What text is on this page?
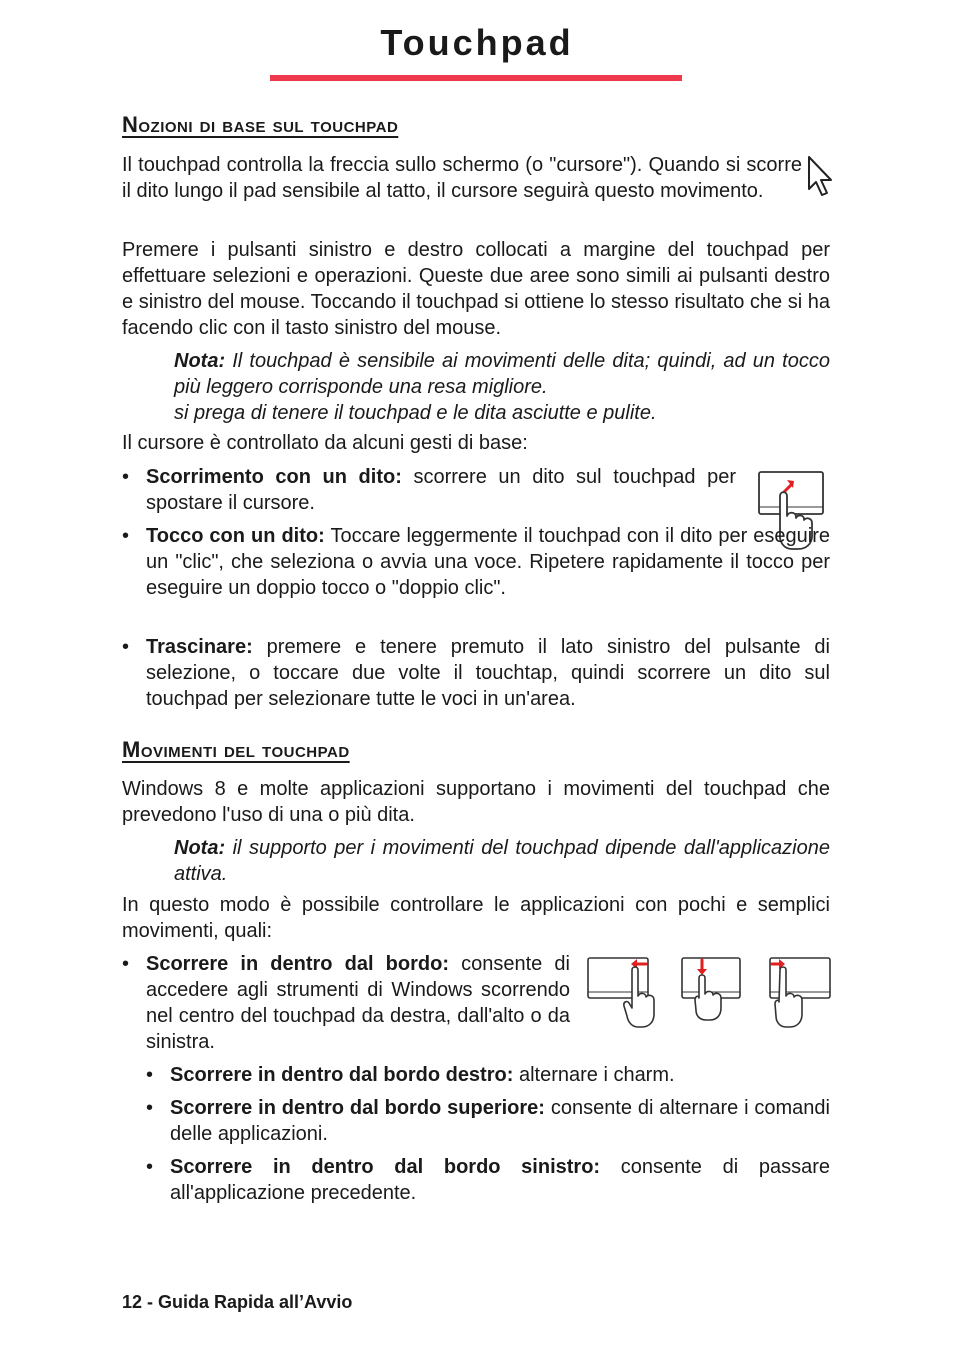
Touchpad
Nozioni di base sul touchpad

Il touchpad controlla la freccia sullo schermo (o "cursore"). Quando si scorre il dito lungo il pad sensibile al tatto, il cursore seguirà questo movimento.

Premere i pulsanti sinistro e destro collocati a margine del touchpad per effettuare selezioni e operazioni. Queste due aree sono simili ai pulsanti destro e sinistro del mouse. Toccando il touchpad si ottiene lo stesso risultato che si ha facendo clic con il tasto sinistro del mouse.

Nota: Il touchpad è sensibile ai movimenti delle dita; quindi, ad un tocco più leggero corrisponde una resa migliore.
si prega di tenere il touchpad e le dita asciutte e pulite.

Il cursore è controllato da alcuni gesti di base:

• Scorrimento con un dito: scorrere un dito sul touchpad per spostare il cursore.

• Tocco con un dito: Toccare leggermente il touchpad con il dito per eseguire un "clic", che seleziona o avvia una voce. Ripetere rapidamente il tocco per eseguire un doppio tocco o "doppio clic".

• Trascinare: premere e tenere premuto il lato sinistro del pulsante di selezione, o toccare due volte il touchtap, quindi scorrere un dito sul touchpad per selezionare tutte le voci in un'area.

Movimenti del touchpad

Windows 8 e molte applicazioni supportano i movimenti del touchpad che prevedono l'uso di una o più dita.

Nota: il supporto per i movimenti del touchpad dipende dall'applicazione attiva.

In questo modo è possibile controllare le applicazioni con pochi e semplici movimenti, quali:

• Scorrere in dentro dal bordo: consente di accedere agli strumenti di Windows scorrendo nel centro del touchpad da destra, dall'alto o da sinistra.

• Scorrere in dentro dal bordo destro: alternare i charm.

• Scorrere in dentro dal bordo superiore: consente di alternare i comandi delle applicazioni.

• Scorrere in dentro dal bordo sinistro: consente di passare all'applicazione precedente.

12 - Guida Rapida all’Avvio
